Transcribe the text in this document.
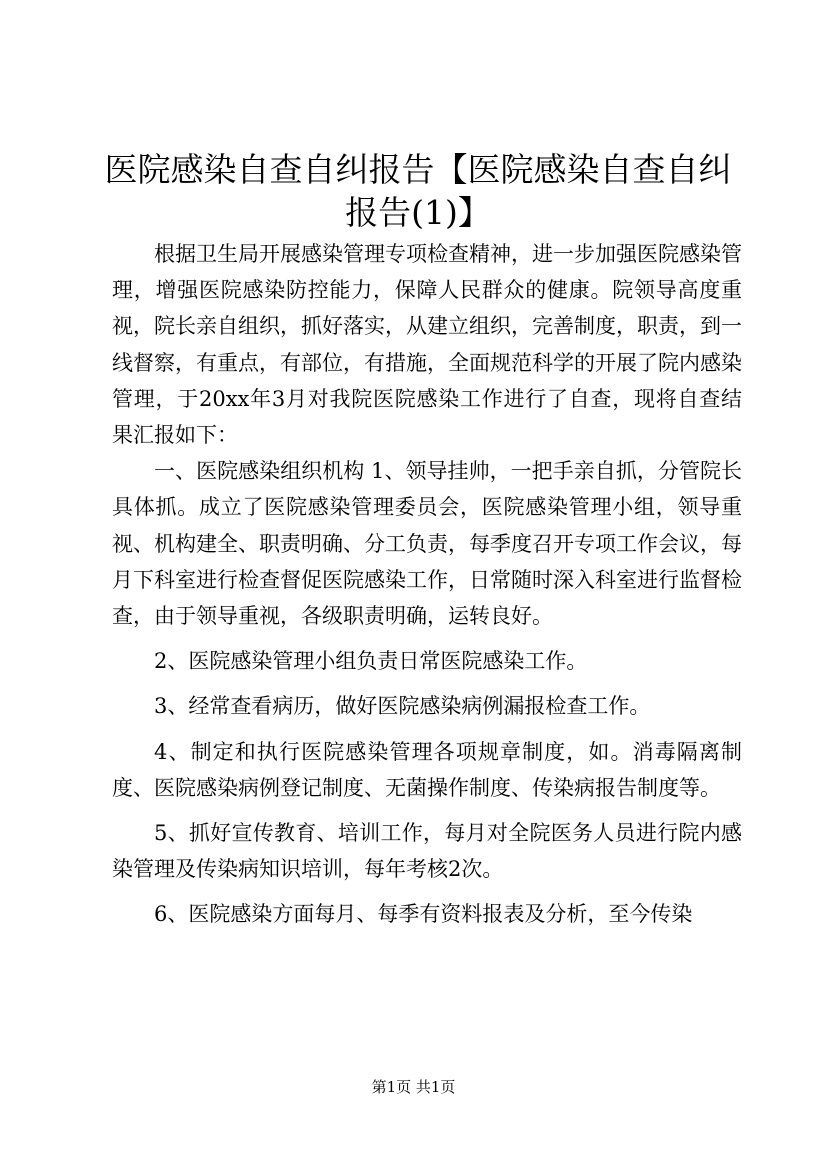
医院感染自查自纠报告【医院感染自查自纠报告(1)】

根据卫生局开展感染管理专项检查精神，进一步加强医院感染管理，增强医院感染防控能力，保障人民群众的健康。院领导高度重视，院长亲自组织，抓好落实，从建立组织，完善制度，职责，到一线督察，有重点，有部位，有措施，全面规范科学的开展了院内感染管理，于20xx年3月对我院医院感染工作进行了自查，现将自查结果汇报如下：

一、医院感染组织机构 1、领导挂帅，一把手亲自抓，分管院长具体抓。成立了医院感染管理委员会，医院感染管理小组，领导重视、机构建全、职责明确、分工负责，每季度召开专项工作会议，每月下科室进行检查督促医院感染工作，日常随时深入科室进行监督检查，由于领导重视，各级职责明确，运转良好。

2、医院感染管理小组负责日常医院感染工作。

3、经常查看病历，做好医院感染病例漏报检查工作。

4、制定和执行医院感染管理各项规章制度，如。消毒隔离制度、医院感染病例登记制度、无菌操作制度、传染病报告制度等。

5、抓好宣传教育、培训工作，每月对全院医务人员进行院内感染管理及传染病知识培训，每年考核2次。

6、医院感染方面每月、每季有资料报表及分析，至今传染

第1页 共1页
